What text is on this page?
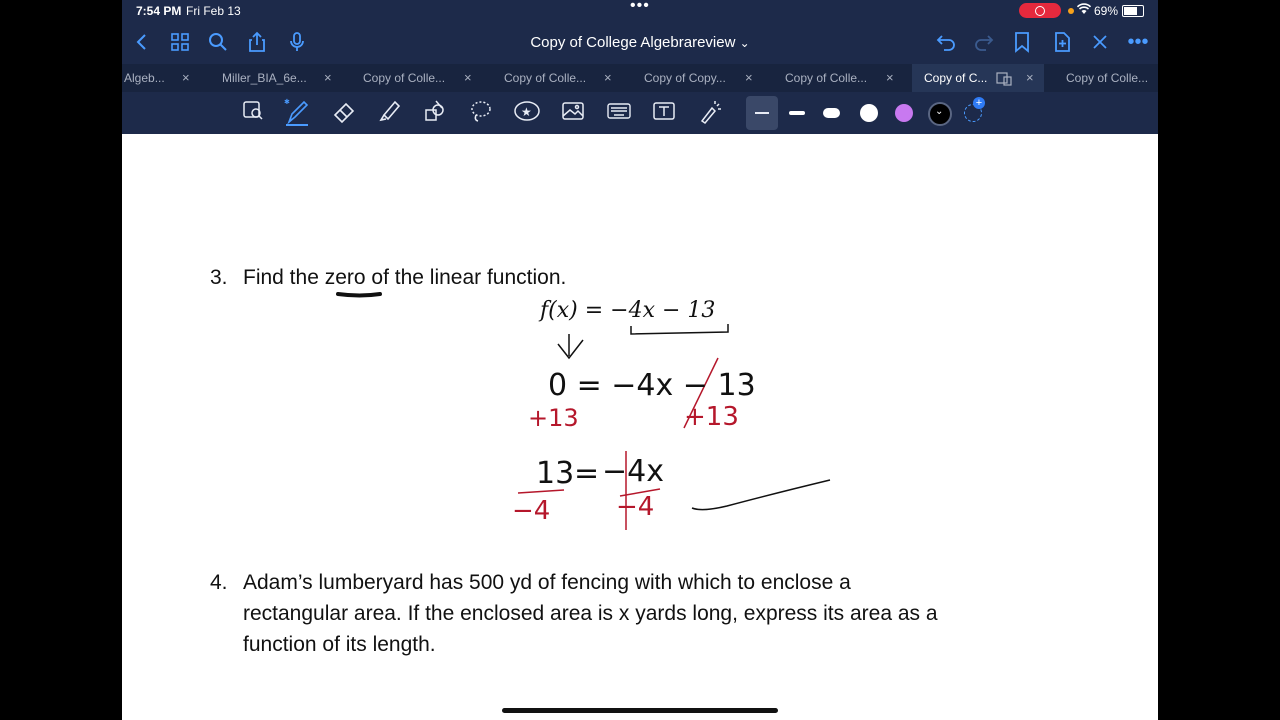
7:54 PM Fri Feb 13	•••	69%
Copy of College Algebrareview ⌄	•••
Algeb... ×	Miller_BIA_6e... ×	Copy of Colle... ×	Copy of Colle... ×	Copy of Copy... ×	Copy of Colle... ×	Copy of C...	×	Copy of Colle...
✱
★	⌄
+
3. Find the zero of the linear function.
f(x) = −4x − 13
0 = −4x − 13
+13	+13
13 = −4x
−4	−4
4. Adam’s lumberyard has 500 yd of fencing with which to enclose a
rectangular area. If the enclosed area is x yards long, express its area as a
function of its length.
